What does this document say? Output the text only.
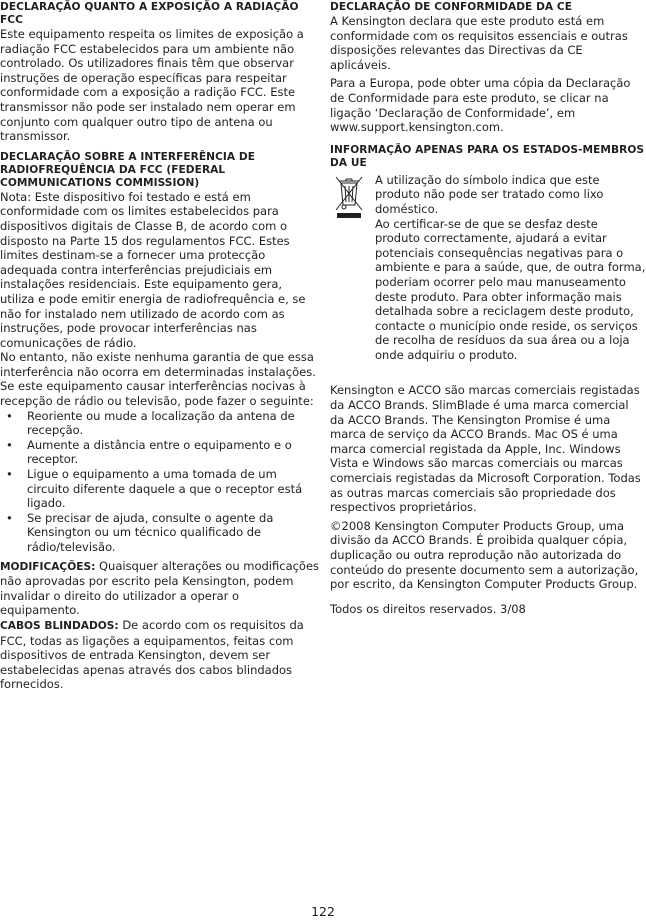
DECLARAÇÃO QUANTO A EXPOSIÇÃO A RADIAÇÃO FCC

Este equipamento respeita os limites de exposição a radiação FCC estabelecidos para um ambiente não controlado. Os utilizadores finais têm que observar instruções de operação específicas para respeitar conformidade com a exposição a radição FCC. Este transmissor não pode ser instalado nem operar em conjunto com qualquer outro tipo de antena ou transmissor.

DECLARAÇÃO SOBRE A INTERFERÊNCIA DE RADIOFREQUÊNCIA DA FCC (FEDERAL COMMUNICATIONS COMMISSION)

Nota: Este dispositivo foi testado e está em conformidade com os limites estabelecidos para dispositivos digitais de Classe B, de acordo com o disposto na Parte 15 dos regulamentos FCC. Estes limites destinam-se a fornecer uma protecção adequada contra interferências prejudiciais em instalações residenciais. Este equipamento gera, utiliza e pode emitir energia de radiofrequência e, se não for instalado nem utilizado de acordo com as instruções, pode provocar interferências nas comunicações de rádio.

No entanto, não existe nenhuma garantia de que essa interferência não ocorra em determinadas instalações. Se este equipamento causar interferências nocivas à recepção de rádio ou televisão, pode fazer o seguinte:

• Reoriente ou mude a localização da antena de recepção.
• Aumente a distância entre o equipamento e o receptor.
• Ligue o equipamento a uma tomada de um circuito diferente daquele a que o receptor está ligado.
• Se precisar de ajuda, consulte o agente da Kensington ou um técnico qualificado de rádio/televisão.

MODIFICAÇÕES: Quaisquer alterações ou modificações não aprovadas por escrito pela Kensington, podem invalidar o direito do utilizador a operar o equipamento.

CABOS BLINDADOS: De acordo com os requisitos da FCC, todas as ligações a equipamentos, feitas com dispositivos de entrada Kensington, devem ser estabelecidas apenas através dos cabos blindados fornecidos.

DECLARAÇÃO DE CONFORMIDADE DA CE

A Kensington declara que este produto está em conformidade com os requisitos essenciais e outras disposições relevantes das Directivas da CE aplicáveis.

Para a Europa, pode obter uma cópia da Declaração de Conformidade para este produto, se clicar na ligação ‘Declaração de Conformidade’, em www.support.kensington.com.

INFORMAÇÃO APENAS PARA OS ESTADOS-MEMBROS DA UE

A utilização do símbolo indica que este produto não pode ser tratado como lixo doméstico.

Ao certificar-se de que se desfaz deste produto correctamente, ajudará a evitar potenciais consequências negativas para o ambiente e para a saúde, que, de outra forma, poderiam ocorrer pelo mau manuseamento deste produto. Para obter informação mais detalhada sobre a reciclagem deste produto, contacte o município onde reside, os serviços de recolha de resíduos da sua área ou a loja onde adquiriu o produto.

Kensington e ACCO são marcas comerciais registadas da ACCO Brands. SlimBlade é uma marca comercial da ACCO Brands. The Kensington Promise é uma marca de serviço da ACCO Brands. Mac OS é uma marca comercial registada da Apple, Inc. Windows Vista e Windows são marcas comerciais ou marcas comerciais registadas da Microsoft Corporation. Todas as outras marcas comerciais são propriedade dos respectivos proprietários.

©2008 Kensington Computer Products Group, uma divisão da ACCO Brands. É proibida qualquer cópia, duplicação ou outra reprodução não autorizada do conteúdo do presente documento sem a autorização, por escrito, da Kensington Computer Products Group.

Todos os direitos reservados. 3/08

122
